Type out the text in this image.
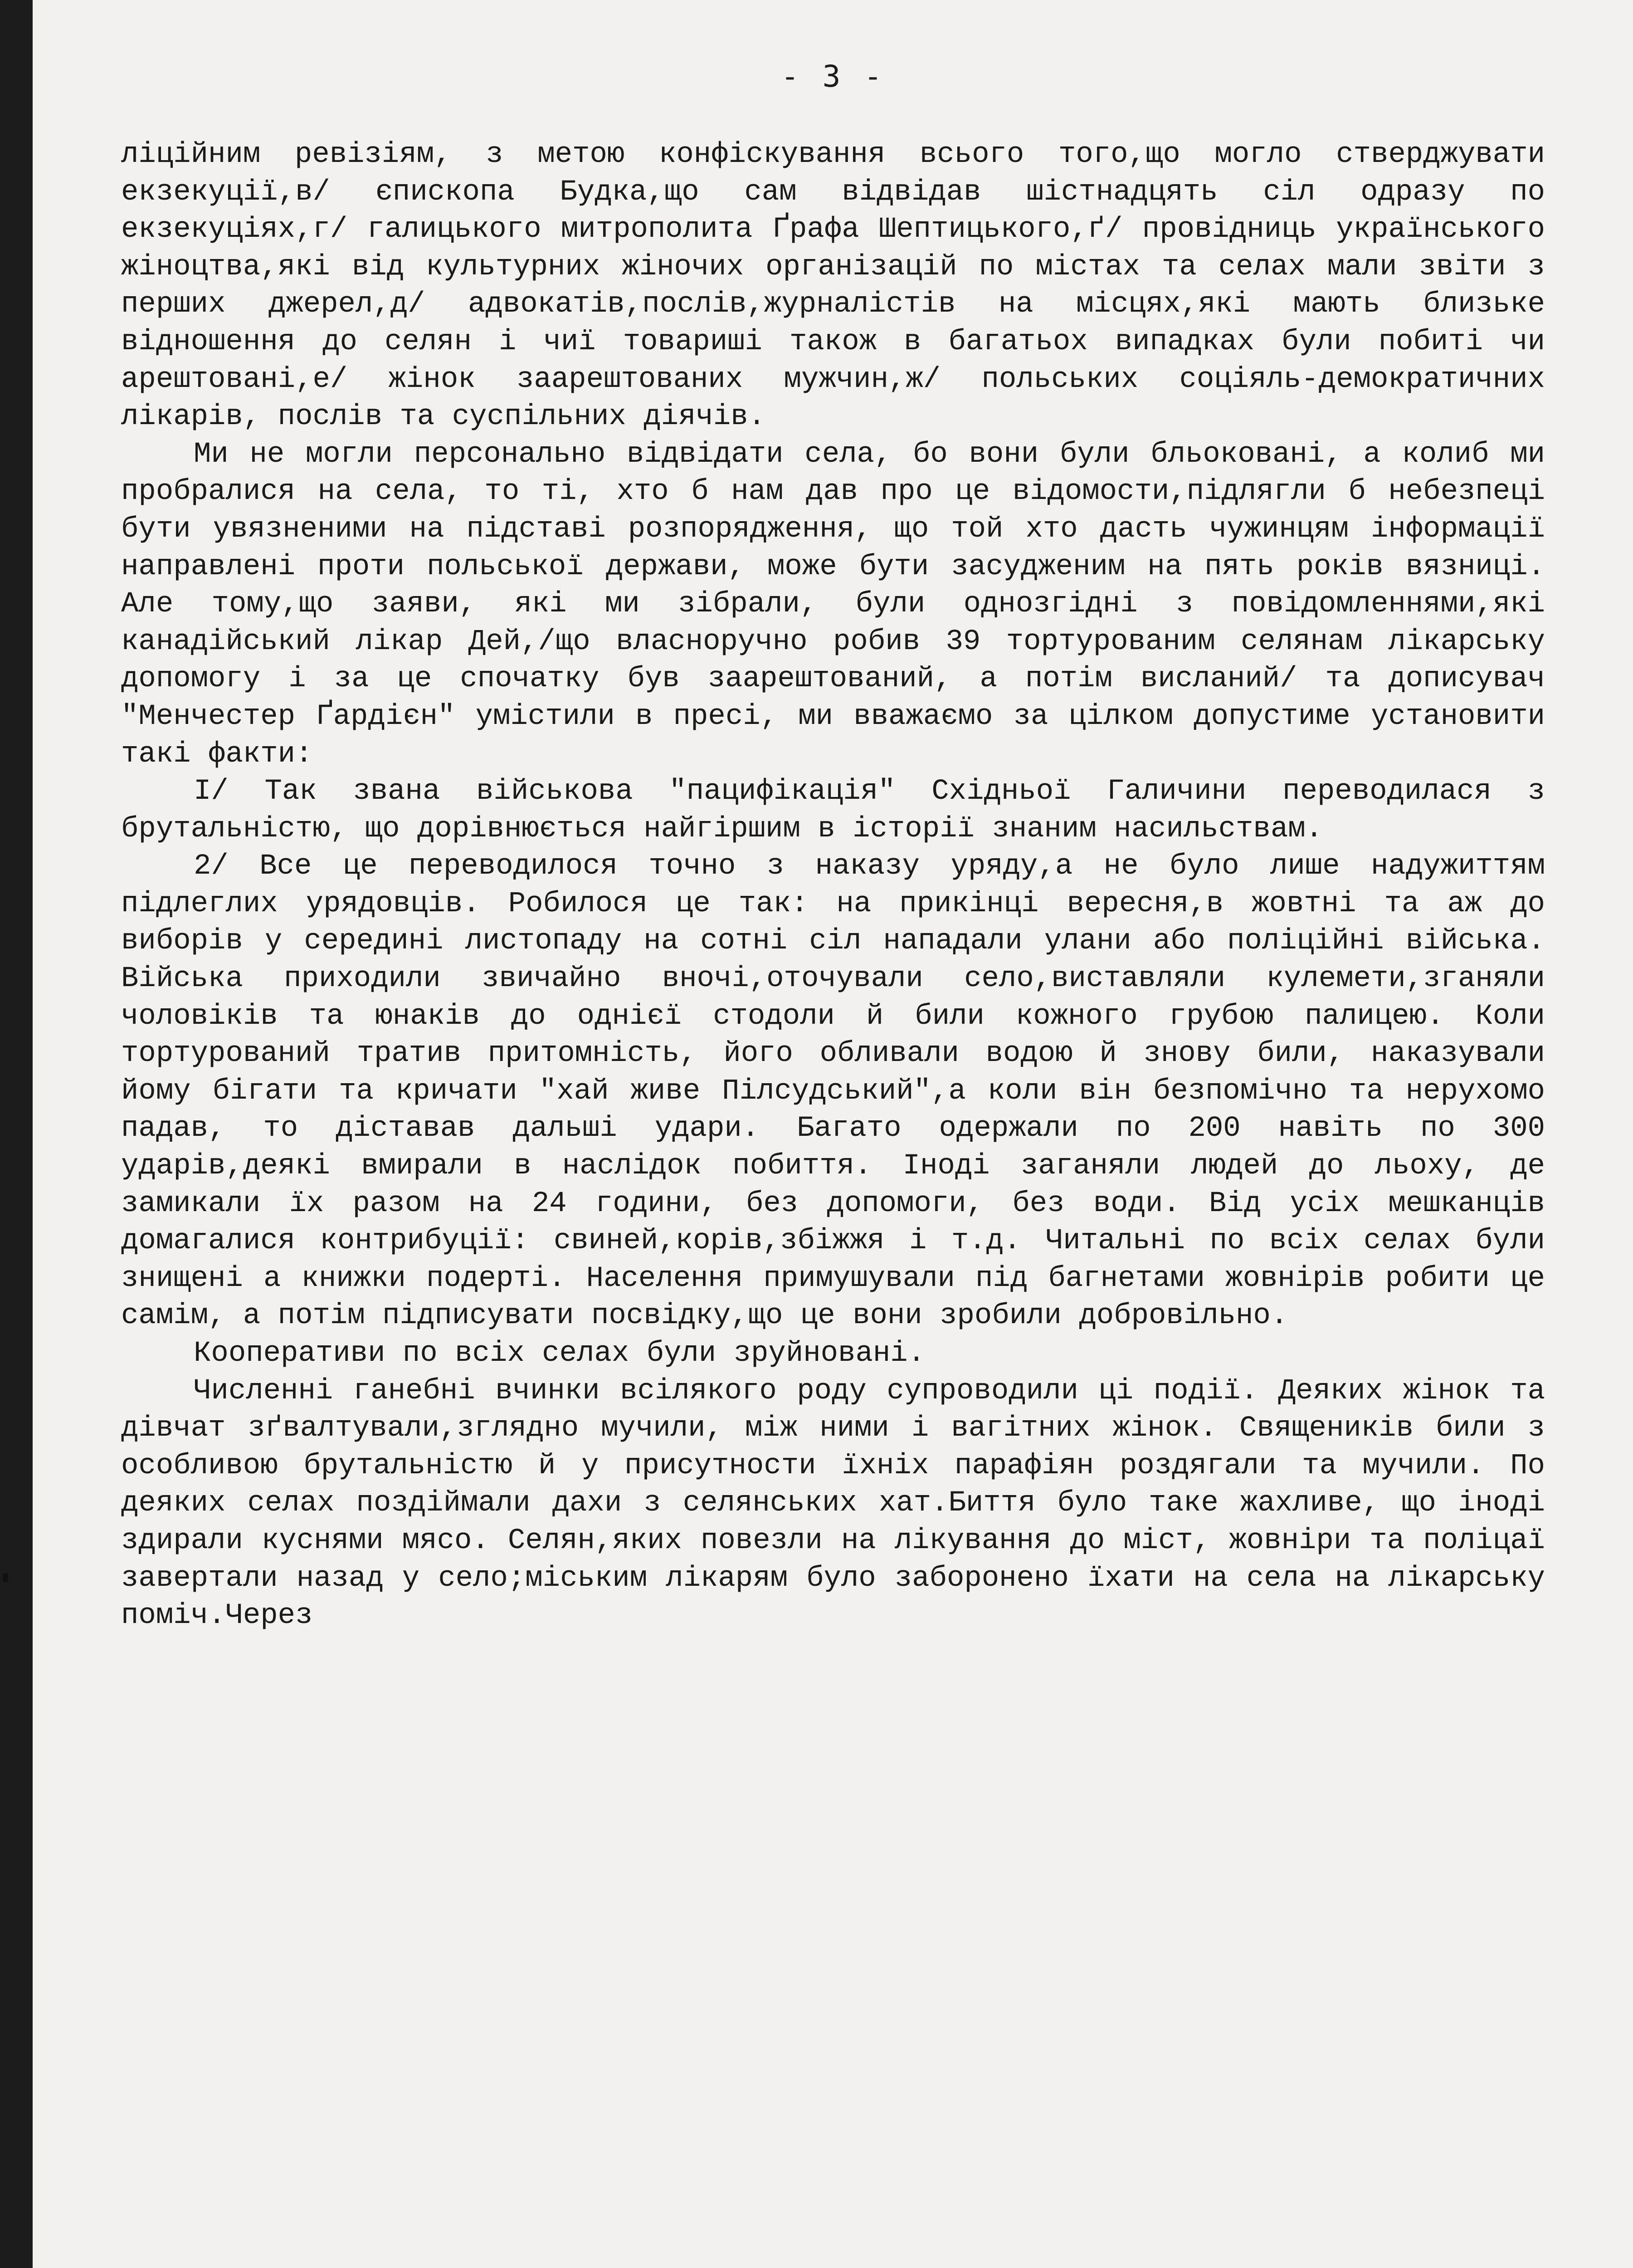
- 3 -

ліційним ревізіям, з метою конфіскування всього того,що могло стверджувати екзекуції,в/ єпископа Будка,що сам відвідав шістнадцять сіл одразу по екзекуціях,г/ галицького митрополита Ґрафа Шептицького,ґ/ провідниць українського жіноцтва,які від культурних жіночих організацій по містах та селах мали звіти з перших джерел,д/ адвокатів,послів,журналістів на місцях,які мають близьке відношення до селян і чиї товариші також в багатьох випадках були побиті чи арештовані,е/ жінок заарештованих мужчин,ж/ польських соціяль-демократичних лікарів, послів та суспільних діячів.

Ми не могли персонально відвідати села, бо вони були бльоковані, а колиб ми пробралися на села, то ті, хто б нам дав про це відомости,підлягли б небезпеці бути увязненими на підставі розпорядження, що той хто дасть чужинцям інформації направлені проти польської держави, може бути засудженим на пять років вязниці. Але тому,що заяви, які ми зібрали, були однозгідні з повідомленнями,які канадійський лікар Дей,/що власноручно робив 39 тортурованим селянам лікарську допомогу і за це спочатку був заарештований, а потім висланий/ та дописувач "Менчестер Ґардієн" умістили в пресі, ми вважаємо за цілком допустиме установити такі факти:

I/ Так звана військова "пацифікація" Східньої Галичини переводилася з брутальністю, що дорівнюється найгіршим в історії знаним насильствам.

2/ Все це переводилося точно з наказу уряду,а не було лише надужиттям підлеглих урядовців. Робилося це так: на прикінці вересня,в жовтні та аж до виборів у середині листопаду на сотні сіл нападали улани або поліційні війська. Війська приходили звичайно вночі,оточували село,виставляли кулемети,зганяли чоловіків та юнаків до однієї стодоли й били кожного грубою палицею. Коли тортурований тратив притомність, його обливали водою й знову били, наказували йому бігати та кричати "хай живе Пілсудський",а коли він безпомічно та нерухомо падав, то діставав дальші удари. Багато одержали по 200 навіть по 300 ударів,деякі вмирали в наслідок побиття. Іноді заганяли людей до льоху, де замикали їх разом на 24 години, без допомоги, без води. Від усіх мешканців домагалися контрибуції: свиней,корів,збіжжя і т.д. Читальні по всіх селах були знищені а книжки подерті. Населення примушували під багнетами жовнірів робити це самім, а потім підписувати посвідку,що це вони зробили добровільно.

Кооперативи по всіх селах були зруйновані.

Численні ганебні вчинки всілякого роду супроводили ці події. Деяких жінок та дівчат зґвалтували,зглядно мучили, між ними і вагітних жінок. Священиків били з особливою брутальністю й у присутности їхніх парафіян роздягали та мучили. По деяких селах поздіймали дахи з селянських хат.Биття було таке жахливе, що іноді здирали куснями мясо. Селян,яких повезли на лікування до міст, жовніри та поліцаї завертали назад у село;міським лікарям було заборонено їхати на села на лікарську поміч.Через
